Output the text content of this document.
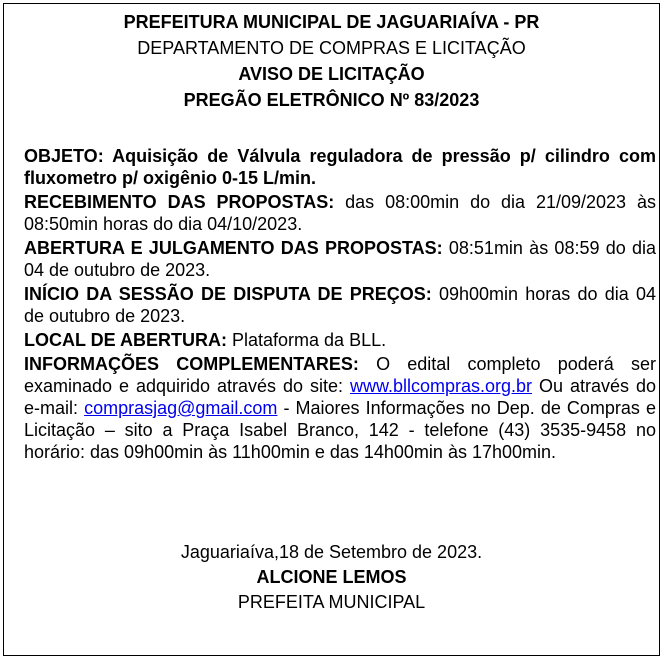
PREFEITURA MUNICIPAL DE JAGUARIAÍVA - PR
DEPARTAMENTO DE COMPRAS E LICITAÇÃO
AVISO DE LICITAÇÃO
PREGÃO ELETRÔNICO Nº 83/2023

OBJETO: Aquisição de Válvula reguladora de pressão p/ cilindro com fluxometro p/ oxigênio 0-15 L/min.

RECEBIMENTO DAS PROPOSTAS: das 08:00min do dia 21/09/2023 às 08:50min horas do dia 04/10/2023.

ABERTURA E JULGAMENTO DAS PROPOSTAS: 08:51min às 08:59 do dia 04 de outubro de 2023.

INÍCIO DA SESSÃO DE DISPUTA DE PREÇOS: 09h00min horas do dia 04 de outubro de 2023.

LOCAL DE ABERTURA: Plataforma da BLL.

INFORMAÇÕES COMPLEMENTARES: O edital completo poderá ser examinado e adquirido através do site: www.bllcompras.org.br Ou através do e-mail: comprasjag@gmail.com - Maiores Informações no Dep. de Compras e Licitação – sito a Praça Isabel Branco, 142 - telefone (43) 3535-9458 no horário: das 09h00min às 11h00min e das 14h00min às 17h00min.

Jaguariaíva,18 de Setembro de 2023.
ALCIONE LEMOS
PREFEITA MUNICIPAL
